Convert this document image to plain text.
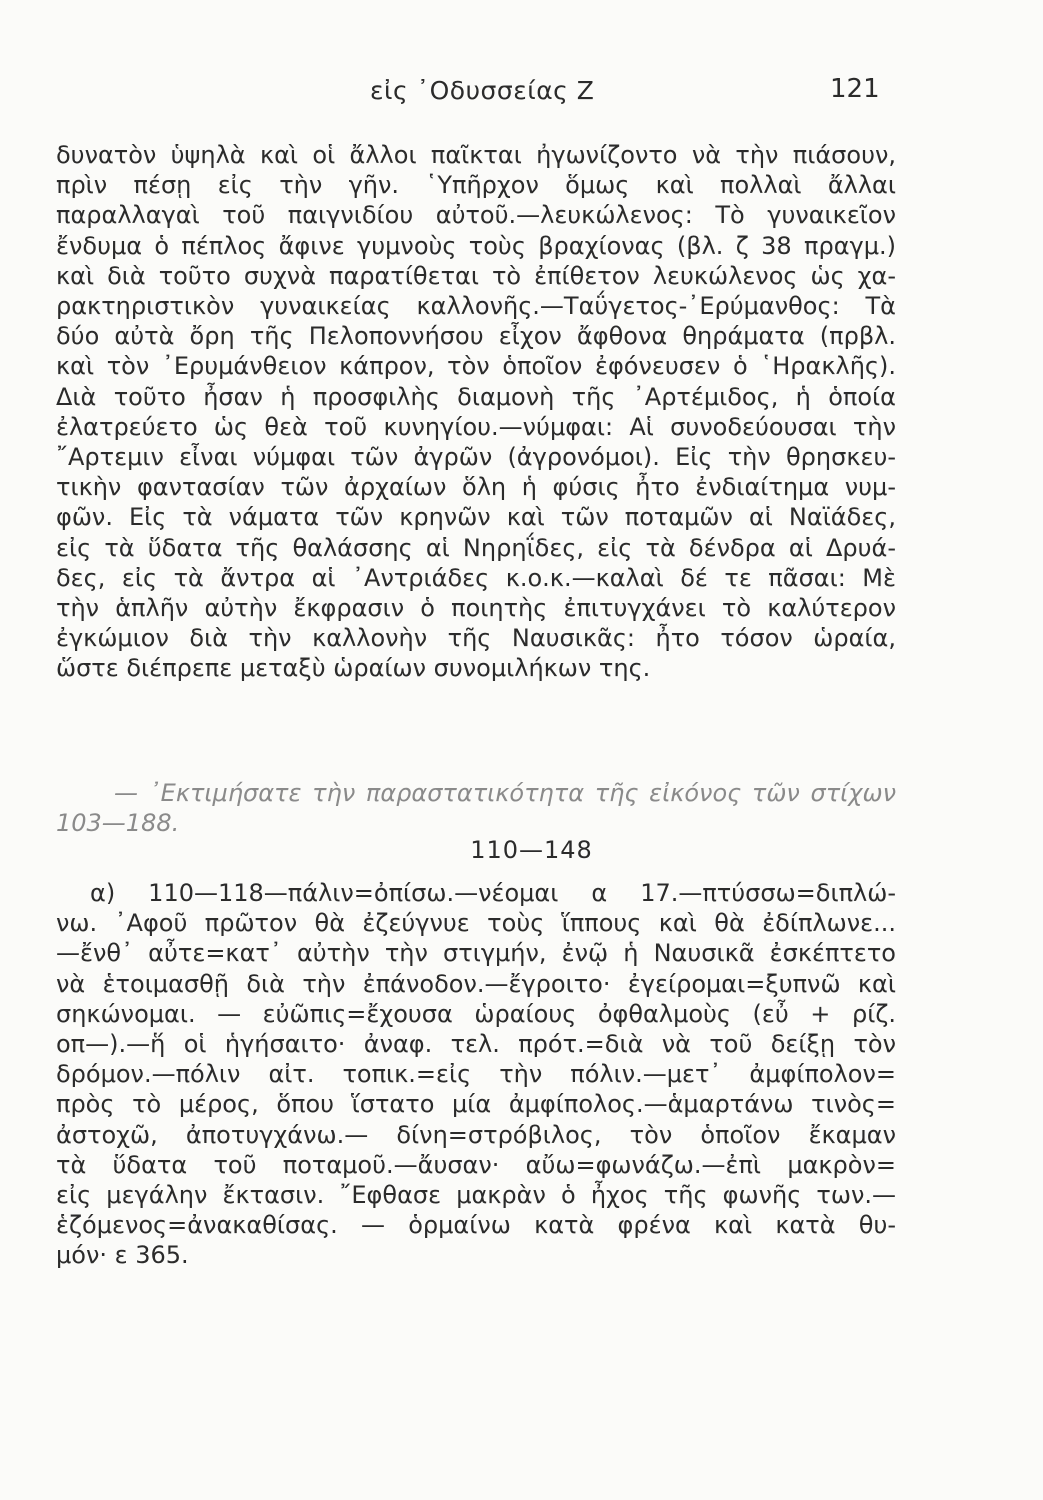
εἰς ᾿Οδυσσείας Ζ	121
δυνατὸν ὑψηλὰ καὶ οἱ ἄλλοι παῖκται ἠγωνίζοντο νὰ τὴν πιάσουν,
πρὶν πέσῃ εἰς τὴν γῆν. ῾Υπῆρχον ὅμως καὶ πολλαὶ ἄλλαι
παραλλαγαὶ τοῦ παιγνιδίου αὐτοῦ.—λευκώλενος: Τὸ γυναικεῖον
ἔνδυμα ὁ πέπλος ἄφινε γυμνοὺς τοὺς βραχίονας (βλ. ζ 38 πραγμ.)
καὶ διὰ τοῦτο συχνὰ παρατίθεται τὸ ἐπίθετον λευκώλενος ὡς χα-
ρακτηριστικὸν γυναικείας καλλονῆς.—Ταΰγετος-᾿Ερύμανθος: Τὰ
δύο αὐτὰ ὄρη τῆς Πελοποννήσου εἶχον ἄφθονα θηράματα (πρβλ.
καὶ τὸν ᾿Ερυμάνθειον κάπρον, τὸν ὁποῖον ἐφόνευσεν ὁ ῾Ηρακλῆς).
Διὰ τοῦτο ἦσαν ἡ προσφιλὴς διαμονὴ τῆς ᾿Αρτέμιδος, ἡ ὁποία
ἐλατρεύετο ὡς θεὰ τοῦ κυνηγίου.—νύμφαι: Αἱ συνοδεύουσαι τὴν
῎Αρτεμιν εἶναι νύμφαι τῶν ἀγρῶν (ἀγρονόμοι). Εἰς τὴν θρησκευ-
τικὴν φαντασίαν τῶν ἀρχαίων ὅλη ἡ φύσις ἦτο ἐνδιαίτημα νυμ-
φῶν. Εἰς τὰ νάματα τῶν κρηνῶν καὶ τῶν ποταμῶν αἱ Ναϊάδες,
εἰς τὰ ὕδατα τῆς θαλάσσης αἱ Νηρηΐδες, εἰς τὰ δένδρα αἱ Δρυά-
δες, εἰς τὰ ἄντρα αἱ ᾿Αντριάδες κ.ο.κ.—καλαὶ δέ τε πᾶσαι: Μὲ
τὴν ἁπλῆν αὐτὴν ἔκφρασιν ὁ ποιητὴς ἐπιτυγχάνει τὸ καλύτερον
ἐγκώμιον διὰ τὴν καλλονὴν τῆς Ναυσικᾶς: ἦτο τόσον ὡραία,
ὥστε διέπρεπε μεταξὺ ὡραίων συνομιλήκων της.
— ᾿Εκτιμήσατε τὴν παραστατικότητα τῆς εἰκόνος τῶν στίχων
103—188.
110—148
α) 110—118—πάλιν=ὀπίσω.—νέομαι α 17.—πτύσσω=διπλώ-
νω. ᾿Αφοῦ πρῶτον θὰ ἐζεύγνυε τοὺς ἵππους καὶ θὰ ἐδίπλωνε...
—ἔνθ᾿ αὖτε=κατ᾿ αὐτὴν τὴν στιγμήν, ἐνῷ ἡ Ναυσικᾶ ἐσκέπτετο
νὰ ἑτοιμασθῇ διὰ τὴν ἐπάνοδον.—ἔγροιτο· ἐγείρομαι=ξυπνῶ καὶ
σηκώνομαι. — εὐῶπις=ἔχουσα ὡραίους ὀφθαλμοὺς (εὖ + ρίζ.
οπ—).—ἥ οἱ ἡγήσαιτο· ἀναφ. τελ. πρότ.=διὰ νὰ τοῦ δείξῃ τὸν
δρόμον.—πόλιν αἰτ. τοπικ.=εἰς τὴν πόλιν.—μετ᾿ ἀμφίπολον=
πρὸς τὸ μέρος, ὅπου ἵστατο μία ἀμφίπολος.—ἁμαρτάνω τινὸς=
ἀστοχῶ, ἀποτυγχάνω.— δίνη=στρόβιλος, τὸν ὁποῖον ἔκαμαν
τὰ ὕδατα τοῦ ποταμοῦ.—ἄυσαν· αὔω=φωνάζω.—ἐπὶ μακρὸν=
εἰς μεγάλην ἔκτασιν. ῎Εφθασε μακρὰν ὁ ἦχος τῆς φωνῆς των.—
ἑζόμενος=ἀνακαθίσας. — ὁρμαίνω κατὰ φρένα καὶ κατὰ θυ-
μόν· ε 365.
